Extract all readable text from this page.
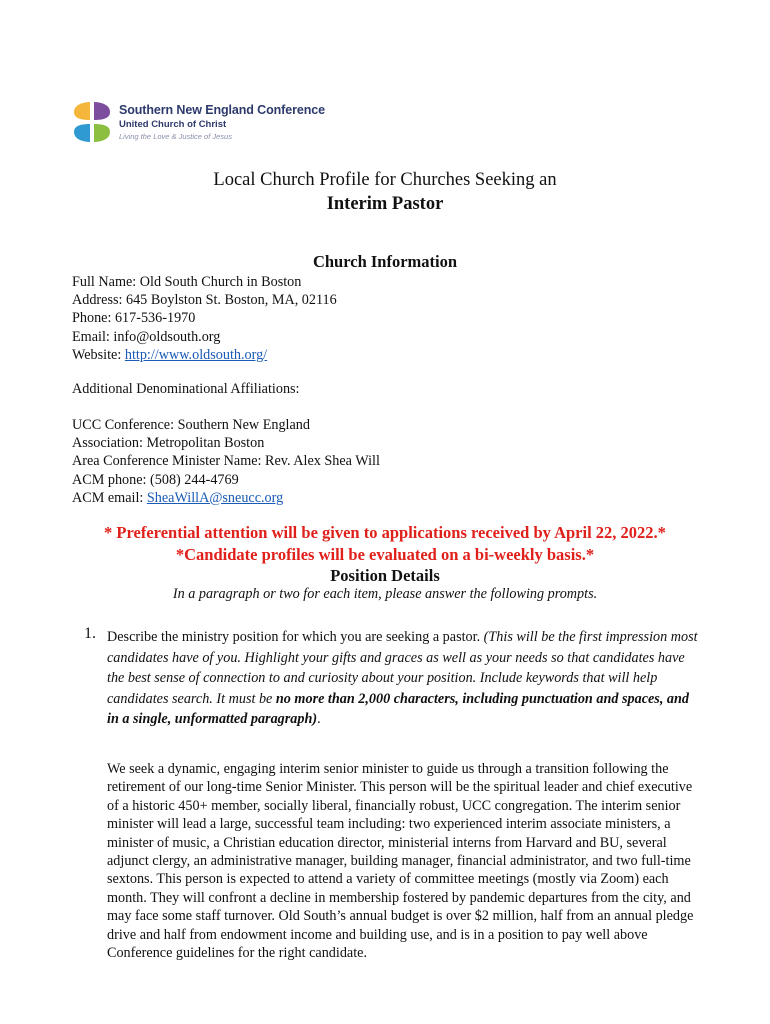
Southern New England Conference
United Church of Christ
Living the Love & Justice of Jesus
Local Church Profile for Churches Seeking an
Interim Pastor
Church Information
Full Name: Old South Church in Boston
Address: 645 Boylston St. Boston, MA, 02116
Phone: 617-536-1970
Email: info@oldsouth.org
Website: http://www.oldsouth.org/
Additional Denominational Affiliations:
UCC Conference: Southern New England
Association: Metropolitan Boston
Area Conference Minister Name: Rev. Alex Shea Will
ACM phone: (508) 244-4769
ACM email: SheaWillA@sneucc.org
* Preferential attention will be given to applications received by April 22, 2022.*
*Candidate profiles will be evaluated on a bi-weekly basis.*
Position Details
In a paragraph or two for each item, please answer the following prompts.
1. Describe the ministry position for which you are seeking a pastor. (This will be the first impression most candidates have of you. Highlight your gifts and graces as well as your needs so that candidates have the best sense of connection to and curiosity about your position. Include keywords that will help candidates search. It must be no more than 2,000 characters, including punctuation and spaces, and in a single, unformatted paragraph).
We seek a dynamic, engaging interim senior minister to guide us through a transition following the retirement of our long-time Senior Minister. This person will be the spiritual leader and chief executive of a historic 450+ member, socially liberal, financially robust, UCC congregation. The interim senior minister will lead a large, successful team including: two experienced interim associate ministers, a minister of music, a Christian education director, ministerial interns from Harvard and BU, several adjunct clergy, an administrative manager, building manager, financial administrator, and two full-time sextons. This person is expected to attend a variety of committee meetings (mostly via Zoom) each month. They will confront a decline in membership fostered by pandemic departures from the city, and may face some staff turnover. Old South’s annual budget is over $2 million, half from an annual pledge drive and half from endowment income and building use, and is in a position to pay well above Conference guidelines for the right candidate.
